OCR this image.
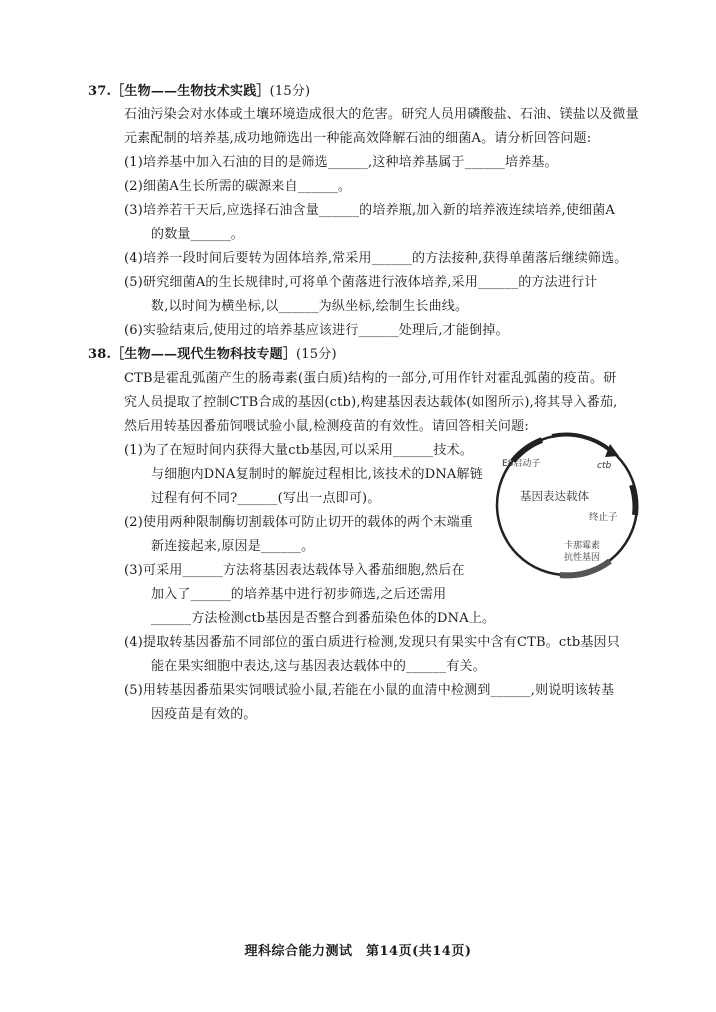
37.［生物——生物技术实践］(15分)
石油污染会对水体或土壤环境造成很大的危害。研究人员用磷酸盐、石油、镁盐以及微量
元素配制的培养基,成功地筛选出一种能高效降解石油的细菌A。请分析回答问题:
(1)培养基中加入石油的目的是筛选______,这种培养基属于______培养基。
(2)细菌A生长所需的碳源来自______。
(3)培养若干天后,应选择石油含量______的培养瓶,加入新的培养液连续培养,使细菌A
的数量______。
(4)培养一段时间后要转为固体培养,常采用______的方法接种,获得单菌落后继续筛选。
(5)研究细菌A的生长规律时,可将单个菌落进行液体培养,采用______的方法进行计
数,以时间为横坐标,以______为纵坐标,绘制生长曲线。
(6)实验结束后,使用过的培养基应该进行______处理后,才能倒掉。
38.［生物——现代生物科技专题］(15分)
CTB是霍乱弧菌产生的肠毒素(蛋白质)结构的一部分,可用作针对霍乱弧菌的疫苗。研
究人员提取了控制CTB合成的基因(ctb),构建基因表达载体(如图所示),将其导入番茄,
然后用转基因番茄饲喂试验小鼠,检测疫苗的有效性。请回答相关问题:
(1)为了在短时间内获得大量ctb基因,可以采用______技术。
与细胞内DNA复制时的解旋过程相比,该技术的DNA解链
过程有何不同?______(写出一点即可)。
(2)使用两种限制酶切割载体可防止切开的载体的两个末端重
新连接起来,原因是______。
(3)可采用______方法将基因表达载体导入番茄细胞,然后在
加入了______的培养基中进行初步筛选,之后还需用
______方法检测ctb基因是否整合到番茄染色体的DNA上。
(4)提取转基因番茄不同部位的蛋白质进行检测,发现只有果实中含有CTB。ctb基因只
能在果实细胞中表达,这与基因表达载体中的______有关。
(5)用转基因番茄果实饲喂试验小鼠,若能在小鼠的血清中检测到______,则说明该转基
因疫苗是有效的。
E8启动子	ctb
基因表达载体
终止子
卡那霉素
抗性基因
理科综合能力测试　第14页(共14页)
